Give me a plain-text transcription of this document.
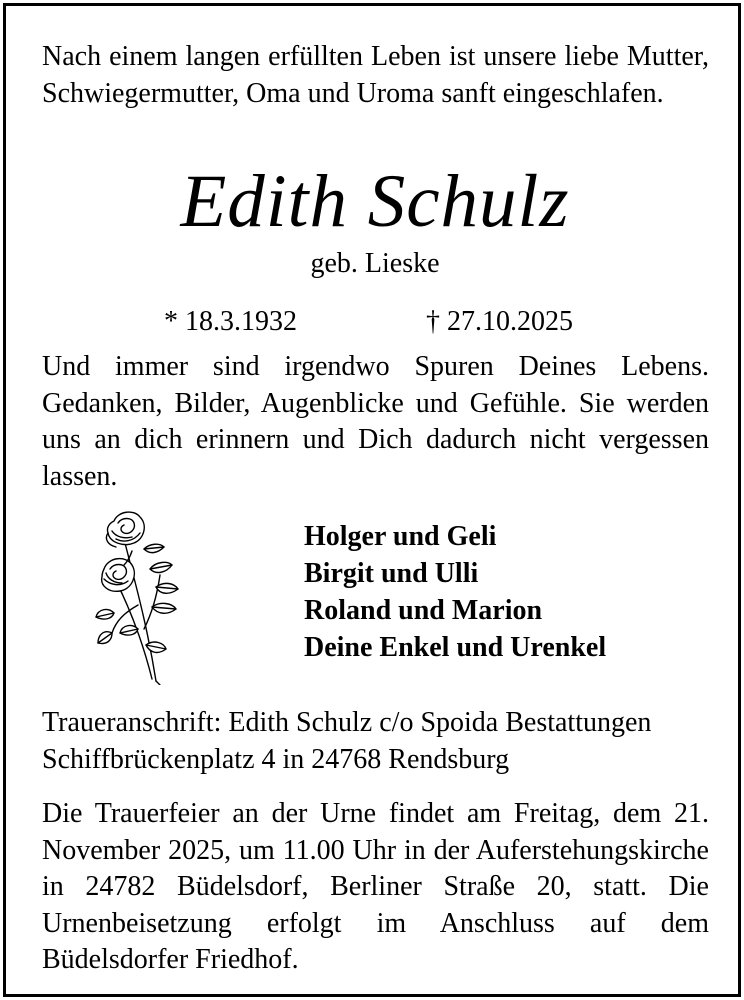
Nach einem langen erfüllten Leben ist unsere liebe Mutter, Schwiegermutter, Oma und Uroma sanft eingeschlafen.
Edith Schulz
geb. Lieske
* 18.3.1932	† 27.10.2025
Und immer sind irgendwo Spuren Deines Lebens. Gedanken, Bilder, Augenblicke und Gefühle. Sie werden uns an dich erinnern und Dich dadurch nicht vergessen lassen.
Holger und Geli
Birgit und Ulli
Roland und Marion
Deine Enkel und Urenkel
Traueranschrift: Edith Schulz c/o Spoida Bestattungen
Schiffbrückenplatz 4 in 24768 Rendsburg
Die Trauerfeier an der Urne findet am Freitag, dem 21. November 2025, um 11.00 Uhr in der Auferstehungskirche in 24782 Büdelsdorf, Berliner Straße 20, statt. Die Urnenbeisetzung erfolgt im Anschluss auf dem Büdelsdorfer Friedhof.
